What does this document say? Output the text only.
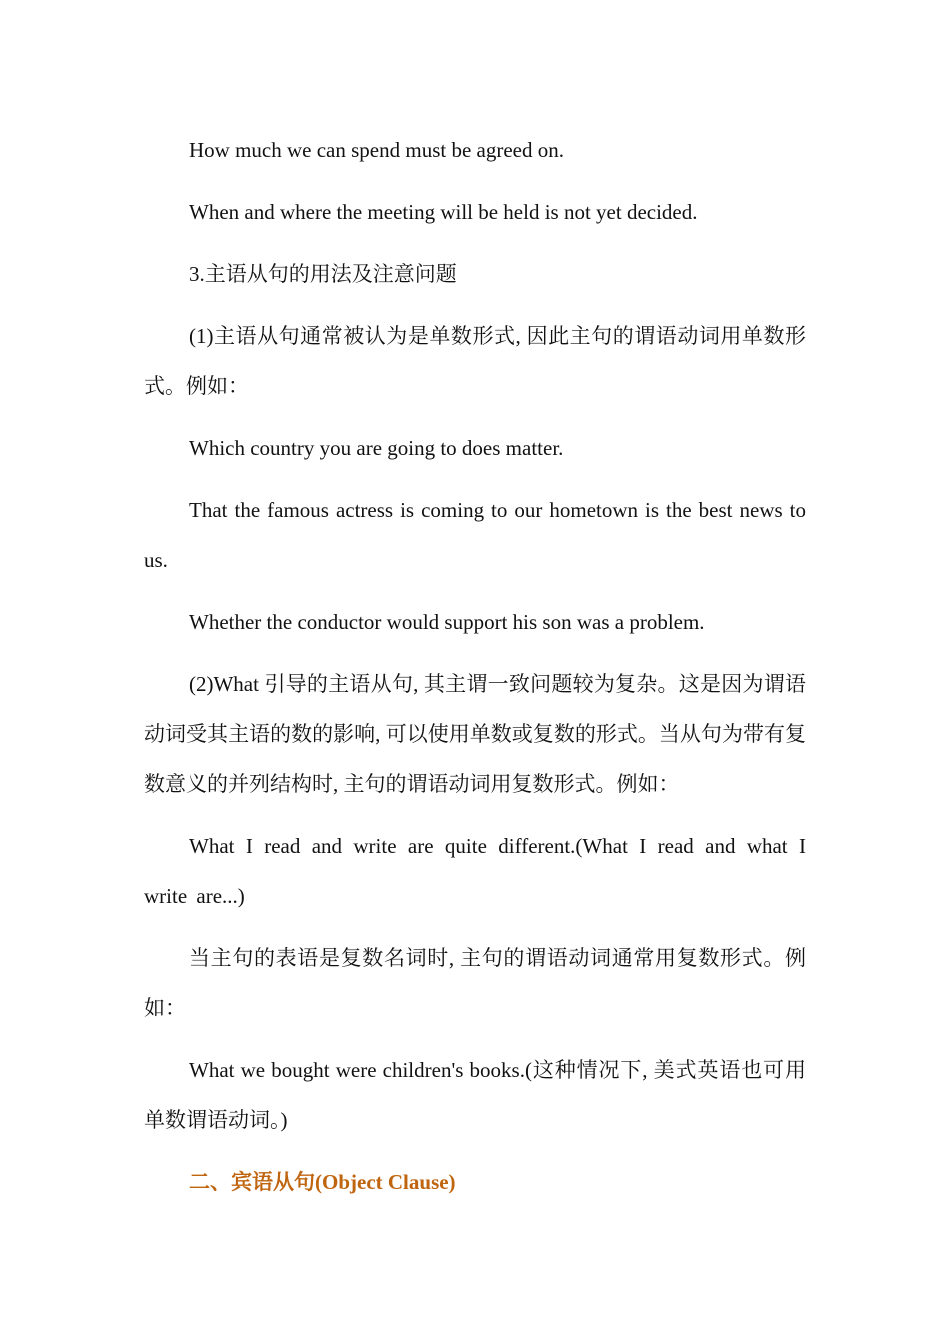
How much we can spend must be agreed on.

When and where the meeting will be held is not yet decided.

3.主语从句的用法及注意问题

(1)主语从句通常被认为是单数形式, 因此主句的谓语动词用单数形式。例如：

Which country you are going to does matter.

That the famous actress is coming to our hometown is the best news to us.

Whether the conductor would support his son was a problem.

(2)What 引导的主语从句, 其主谓一致问题较为复杂。这是因为谓语动词受其主语的数的影响, 可以使用单数或复数的形式。当从句为带有复数意义的并列结构时, 主句的谓语动词用复数形式。例如：

What I read and write are quite different.(What I read and what I write are...)

当主句的表语是复数名词时, 主句的谓语动词通常用复数形式。例如：

What we bought were children's books.(这种情况下, 美式英语也可用单数谓语动词。)

二、宾语从句(Object Clause)
